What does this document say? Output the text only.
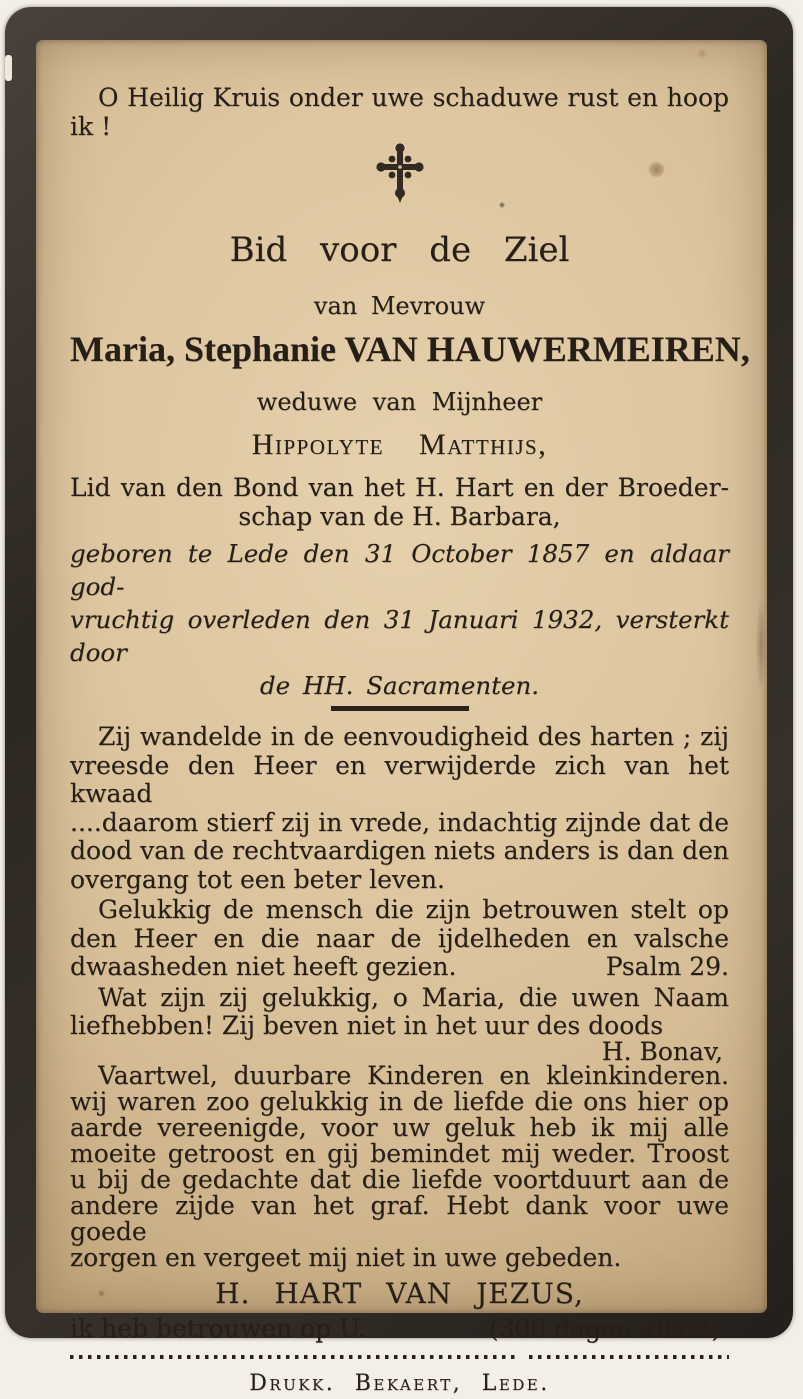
O Heilig Kruis onder uwe schaduwe rust en hoop
ik !
Bid voor de Ziel
van Mevrouw
Maria, Stephanie VAN HAUWERMEIREN,
weduwe van Mijnheer
Hippolyte Matthijs,
Lid van den Bond van het H. Hart en der Broeder-
schap van de H. Barbara,
geboren te Lede den 31 October 1857 en aldaar god-
vruchtig overleden den 31 Januari 1932, versterkt door
de HH. Sacramenten.
Zij wandelde in de eenvoudigheid des harten ; zij
vreesde den Heer en verwijderde zich van het kwaad
....daarom stierf zij in vrede, indachtig zijnde dat de
dood van de rechtvaardigen niets anders is dan den
overgang tot een beter leven.
Gelukkig de mensch die zijn betrouwen stelt op
den Heer en die naar de ijdelheden en valsche
dwaasheden niet heeft gezien.	Psalm 29.
Wat zijn zij gelukkig, o Maria, die uwen Naam
liefhebben! Zij beven niet in het uur des doods
H. Bonav,
Vaartwel, duurbare Kinderen en kleinkinderen.
wij waren zoo gelukkig in de liefde die ons hier op
aarde vereenigde, voor uw geluk heb ik mij alle
moeite getroost en gij bemindet mij weder. Troost
u bij de gedachte dat die liefde voortduurt aan de
andere zijde van het graf. Hebt dank voor uwe goede
zorgen en vergeet mij niet in uwe gebeden.
H. HART VAN JEZUS,
ik heb betrouwen op U.	(300 dagen aflaat).
Drukk. Bekaert, Lede.
